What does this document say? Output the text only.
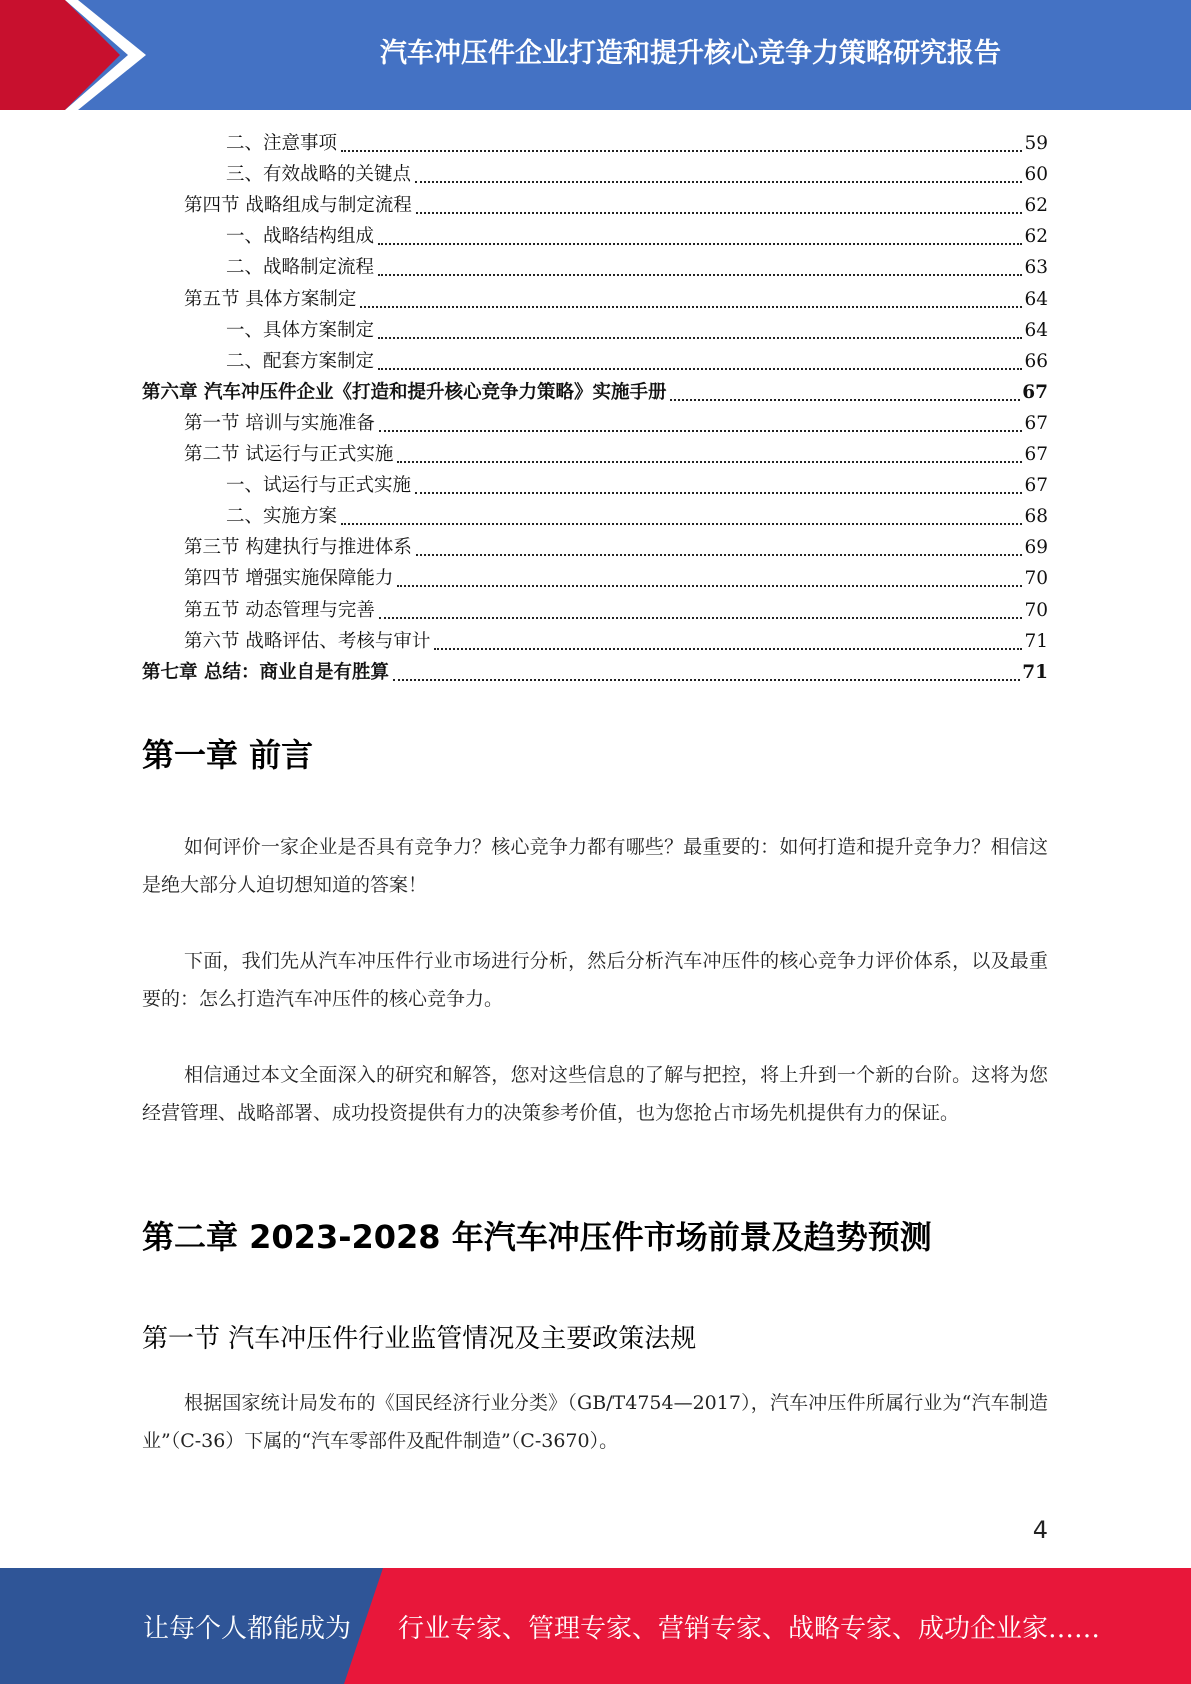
汽车冲压件企业打造和提升核心竞争力策略研究报告
二、注意事项	59
三、有效战略的关键点	60
第四节 战略组成与制定流程	62
一、战略结构组成	62
二、战略制定流程	63
第五节 具体方案制定	64
一、具体方案制定	64
二、配套方案制定	66
第六章 汽车冲压件企业《打造和提升核心竞争力策略》实施手册	67
第一节 培训与实施准备	67
第二节 试运行与正式实施	67
一、试运行与正式实施	67
二、实施方案	68
第三节 构建执行与推进体系	69
第四节 增强实施保障能力	70
第五节 动态管理与完善	70
第六节 战略评估、考核与审计	71
第七章 总结：商业自是有胜算	71
第一章 前言

如何评价一家企业是否具有竞争力？核心竞争力都有哪些？最重要的：如何打造和提升竞争力？相信这是绝大部分人迫切想知道的答案！

下面，我们先从汽车冲压件行业市场进行分析，然后分析汽车冲压件的核心竞争力评价体系，以及最重要的：怎么打造汽车冲压件的核心竞争力。

相信通过本文全面深入的研究和解答，您对这些信息的了解与把控，将上升到一个新的台阶。这将为您经营管理、战略部署、成功投资提供有力的决策参考价值，也为您抢占市场先机提供有力的保证。

第二章 2023-2028 年汽车冲压件市场前景及趋势预测
第一节 汽车冲压件行业监管情况及主要政策法规

根据国家统计局发布的《国民经济行业分类》（GB/T4754—2017），汽车冲压件所属行业为“汽车制造业”（C-36）下属的“汽车零部件及配件制造”（C-3670）。

4
让每个人都能成为 行业专家、管理专家、营销专家、战略专家、成功企业家……
